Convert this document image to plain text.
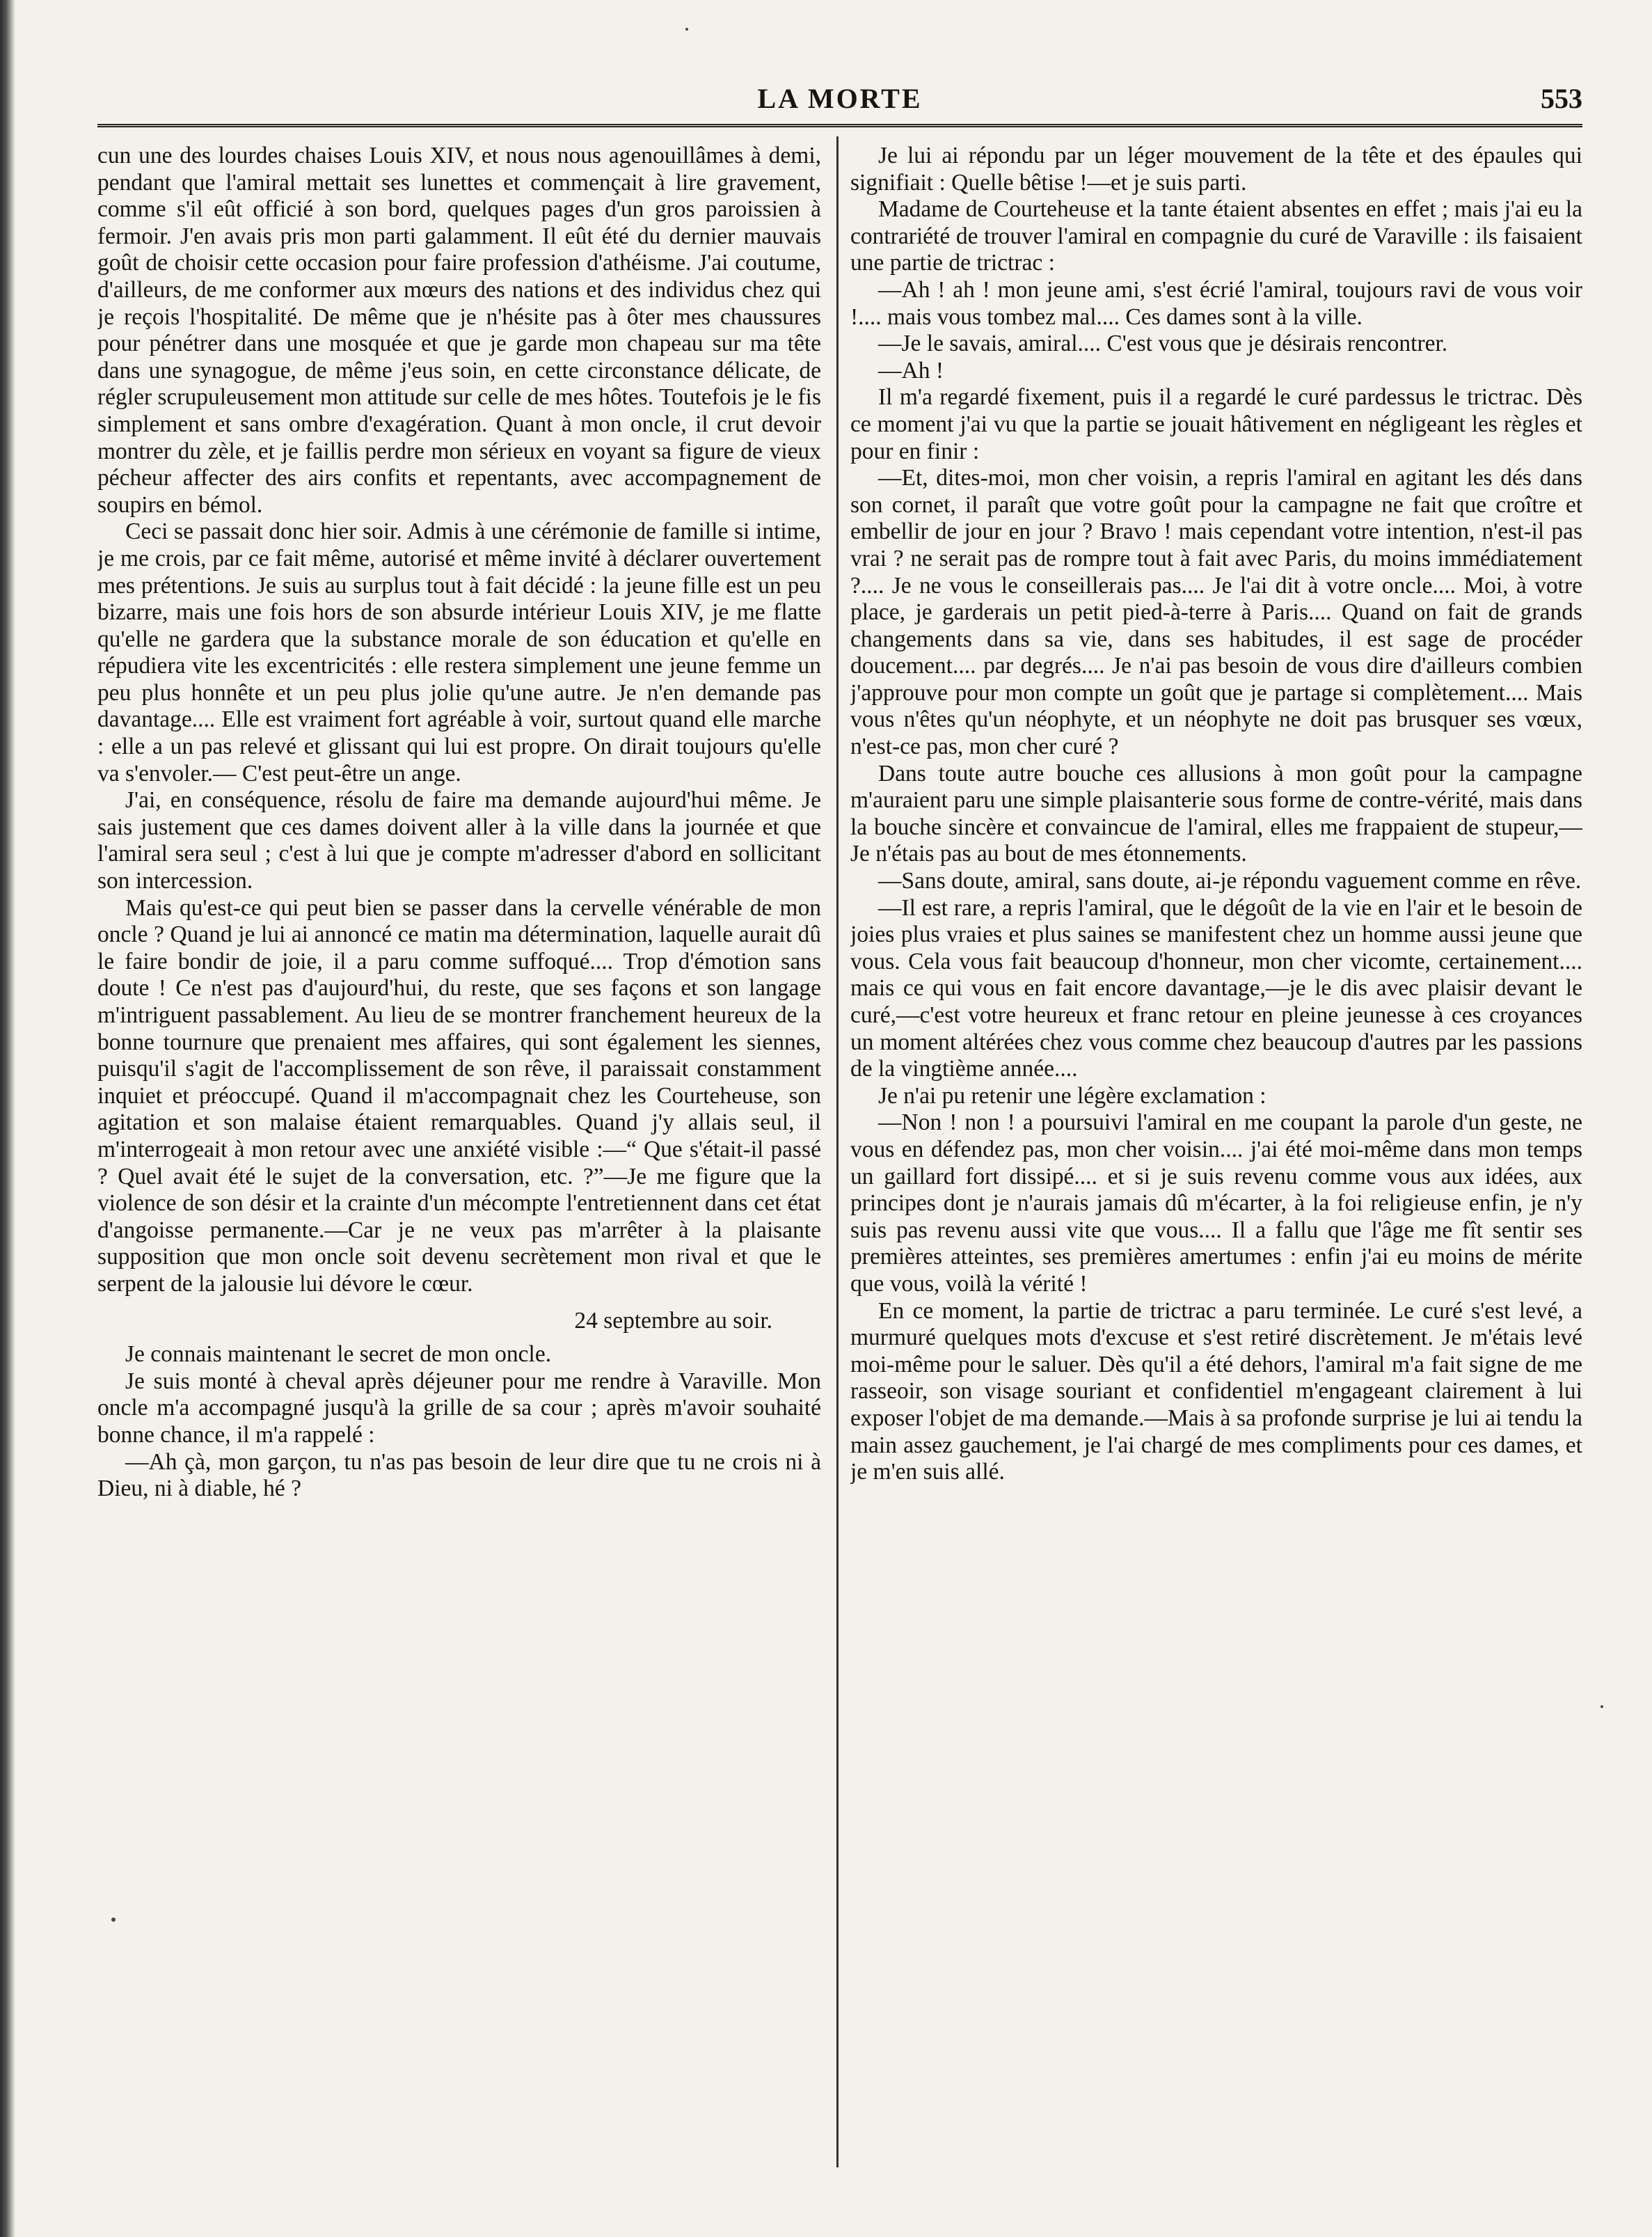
LA MORTE	553

cun une des lourdes chaises Louis XIV, et nous nous agenouillâmes à demi, pendant que l'amiral mettait ses lunettes et commençait à lire gravement, comme s'il eût officié à son bord, quelques pages d'un gros paroissien à fermoir. J'en avais pris mon parti galamment. Il eût été du dernier mauvais goût de choisir cette occasion pour faire profession d'athéisme. J'ai coutume, d'ailleurs, de me conformer aux mœurs des nations et des individus chez qui je reçois l'hospitalité. De même que je n'hésite pas à ôter mes chaussures pour pénétrer dans une mosquée et que je garde mon chapeau sur ma tête dans une synagogue, de même j'eus soin, en cette circonstance délicate, de régler scrupuleusement mon attitude sur celle de mes hôtes. Toutefois je le fis simplement et sans ombre d'exagération. Quant à mon oncle, il crut devoir montrer du zèle, et je faillis perdre mon sérieux en voyant sa figure de vieux pécheur affecter des airs confits et repentants, avec accompagnement de soupirs en bémol.

Ceci se passait donc hier soir. Admis à une cérémonie de famille si intime, je me crois, par ce fait même, autorisé et même invité à déclarer ouvertement mes prétentions. Je suis au surplus tout à fait décidé : la jeune fille est un peu bizarre, mais une fois hors de son absurde intérieur Louis XIV, je me flatte qu'elle ne gardera que la substance morale de son éducation et qu'elle en répudiera vite les excentricités : elle restera simplement une jeune femme un peu plus honnête et un peu plus jolie qu'une autre. Je n'en demande pas davantage.... Elle est vraiment fort agréable à voir, surtout quand elle marche : elle a un pas relevé et glissant qui lui est propre. On dirait toujours qu'elle va s'envoler.— C'est peut-être un ange.

J'ai, en conséquence, résolu de faire ma demande aujourd'hui même. Je sais justement que ces dames doivent aller à la ville dans la journée et que l'amiral sera seul ; c'est à lui que je compte m'adresser d'abord en sollicitant son intercession.

Mais qu'est-ce qui peut bien se passer dans la cervelle vénérable de mon oncle ? Quand je lui ai annoncé ce matin ma détermination, laquelle aurait dû le faire bondir de joie, il a paru comme suffoqué.... Trop d'émotion sans doute ! Ce n'est pas d'aujourd'hui, du reste, que ses façons et son langage m'intriguent passablement. Au lieu de se montrer franchement heureux de la bonne tournure que prenaient mes affaires, qui sont également les siennes, puisqu'il s'agit de l'accomplissement de son rêve, il paraissait constamment inquiet et préoccupé. Quand il m'accompagnait chez les Courteheuse, son agitation et son malaise étaient remarquables. Quand j'y allais seul, il m'interrogeait à mon retour avec une anxiété visible :—“ Que s'était-il passé ? Quel avait été le sujet de la conversation, etc. ?”—Je me figure que la violence de son désir et la crainte d'un mécompte l'entretiennent dans cet état d'angoisse permanente.—Car je ne veux pas m'arrêter à la plaisante supposition que mon oncle soit devenu secrètement mon rival et que le serpent de la jalousie lui dévore le cœur.

24 septembre au soir.

Je connais maintenant le secret de mon oncle.

Je suis monté à cheval après déjeuner pour me rendre à Varaville. Mon oncle m'a accompagné jusqu'à la grille de sa cour ; après m'avoir souhaité bonne chance, il m'a rappelé :

—Ah çà, mon garçon, tu n'as pas besoin de leur dire que tu ne crois ni à Dieu, ni à diable, hé ?

Je lui ai répondu par un léger mouvement de la tête et des épaules qui signifiait : Quelle bêtise !—et je suis parti.

Madame de Courteheuse et la tante étaient absentes en effet ; mais j'ai eu la contrariété de trouver l'amiral en compagnie du curé de Varaville : ils faisaient une partie de trictrac :

—Ah ! ah ! mon jeune ami, s'est écrié l'amiral, toujours ravi de vous voir !.... mais vous tombez mal.... Ces dames sont à la ville.

—Je le savais, amiral.... C'est vous que je désirais rencontrer.

—Ah !

Il m'a regardé fixement, puis il a regardé le curé pardessus le trictrac. Dès ce moment j'ai vu que la partie se jouait hâtivement en négligeant les règles et pour en finir :

—Et, dites-moi, mon cher voisin, a repris l'amiral en agitant les dés dans son cornet, il paraît que votre goût pour la campagne ne fait que croître et embellir de jour en jour ? Bravo ! mais cependant votre intention, n'est-il pas vrai ? ne serait pas de rompre tout à fait avec Paris, du moins immédiatement ?.... Je ne vous le conseillerais pas.... Je l'ai dit à votre oncle.... Moi, à votre place, je garderais un petit pied-à-terre à Paris.... Quand on fait de grands changements dans sa vie, dans ses habitudes, il est sage de procéder doucement.... par degrés.... Je n'ai pas besoin de vous dire d'ailleurs combien j'approuve pour mon compte un goût que je partage si complètement.... Mais vous n'êtes qu'un néophyte, et un néophyte ne doit pas brusquer ses vœux, n'est-ce pas, mon cher curé ?

Dans toute autre bouche ces allusions à mon goût pour la campagne m'auraient paru une simple plaisanterie sous forme de contre-vérité, mais dans la bouche sincère et convaincue de l'amiral, elles me frappaient de stupeur,—Je n'étais pas au bout de mes étonnements.

—Sans doute, amiral, sans doute, ai-je répondu vaguement comme en rêve.

—Il est rare, a repris l'amiral, que le dégoût de la vie en l'air et le besoin de joies plus vraies et plus saines se manifestent chez un homme aussi jeune que vous. Cela vous fait beaucoup d'honneur, mon cher vicomte, certainement.... mais ce qui vous en fait encore davantage,—je le dis avec plaisir devant le curé,—c'est votre heureux et franc retour en pleine jeunesse à ces croyances un moment altérées chez vous comme chez beaucoup d'autres par les passions de la vingtième année....

Je n'ai pu retenir une légère exclamation :

—Non ! non ! a poursuivi l'amiral en me coupant la parole d'un geste, ne vous en défendez pas, mon cher voisin.... j'ai été moi-même dans mon temps un gaillard fort dissipé.... et si je suis revenu comme vous aux idées, aux principes dont je n'aurais jamais dû m'écarter, à la foi religieuse enfin, je n'y suis pas revenu aussi vite que vous.... Il a fallu que l'âge me fît sentir ses premières atteintes, ses premières amertumes : enfin j'ai eu moins de mérite que vous, voilà la vérité !

En ce moment, la partie de trictrac a paru terminée. Le curé s'est levé, a murmuré quelques mots d'excuse et s'est retiré discrètement. Je m'étais levé moi-même pour le saluer. Dès qu'il a été dehors, l'amiral m'a fait signe de me rasseoir, son visage souriant et confidentiel m'engageant clairement à lui exposer l'objet de ma demande.—Mais à sa profonde surprise je lui ai tendu la main assez gauchement, je l'ai chargé de mes compliments pour ces dames, et je m'en suis allé.
